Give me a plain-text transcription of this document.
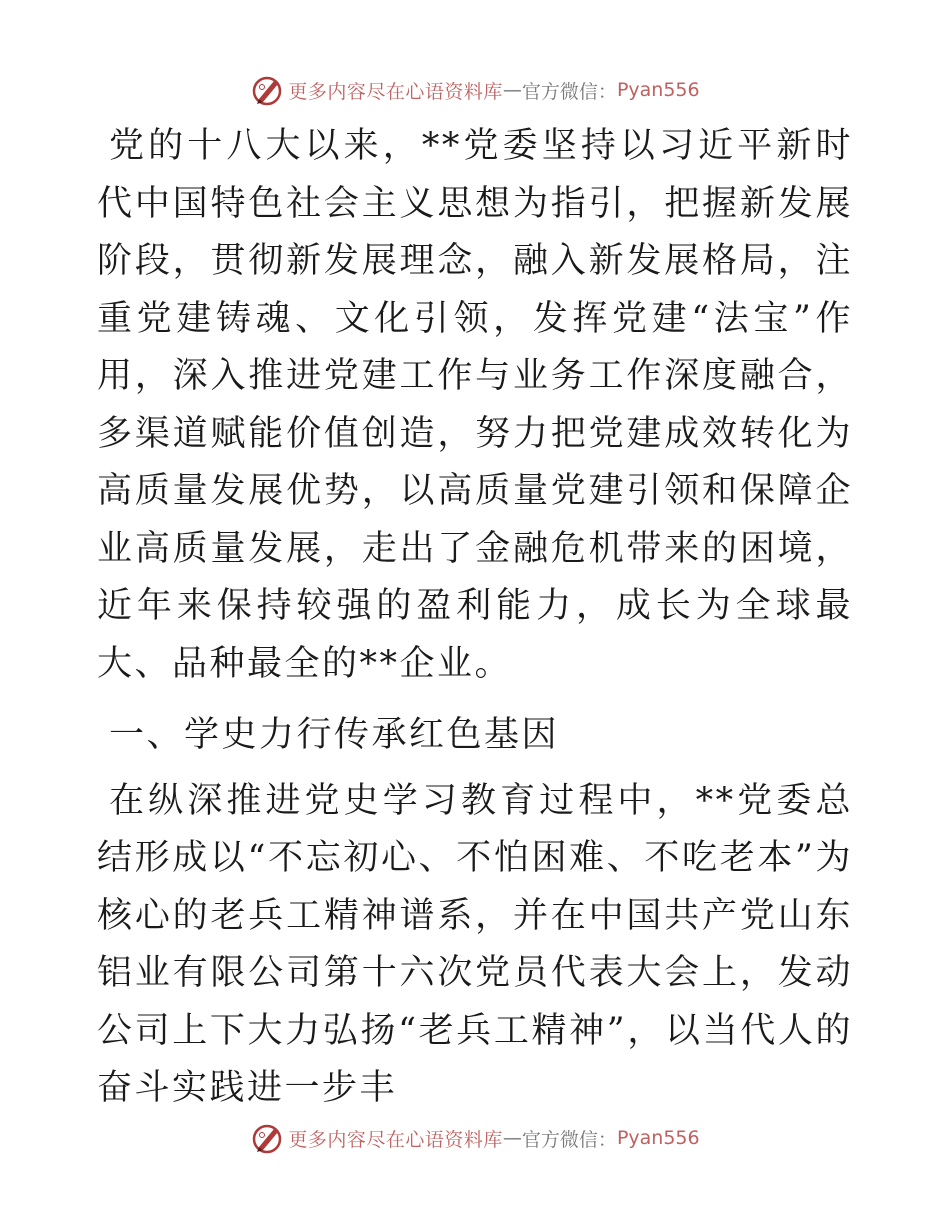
更多内容尽在心语资料库 — 官方微信： Pyan556

党的十八大以来，**党委坚持以习近平新时代中国特色社会主义思想为指引，把握新发展阶段，贯彻新发展理念，融入新发展格局，注重党建铸魂、文化引领，发挥党建“法宝”作用，深入推进党建工作与业务工作深度融合，多渠道赋能价值创造，努力把党建成效转化为高质量发展优势，以高质量党建引领和保障企业高质量发展，走出了金融危机带来的困境，近年来保持较强的盈利能力，成长为全球最大、品种最全的**企业。

一、学史力行传承红色基因

在纵深推进党史学习教育过程中，**党委总结形成以“不忘初心、不怕困难、不吃老本”为核心的老兵工精神谱系，并在中国共产党山东铝业有限公司第十六次党员代表大会上，发动公司上下大力弘扬“老兵工精神”，以当代人的奋斗实践进一步丰

更多内容尽在心语资料库 — 官方微信： Pyan556
